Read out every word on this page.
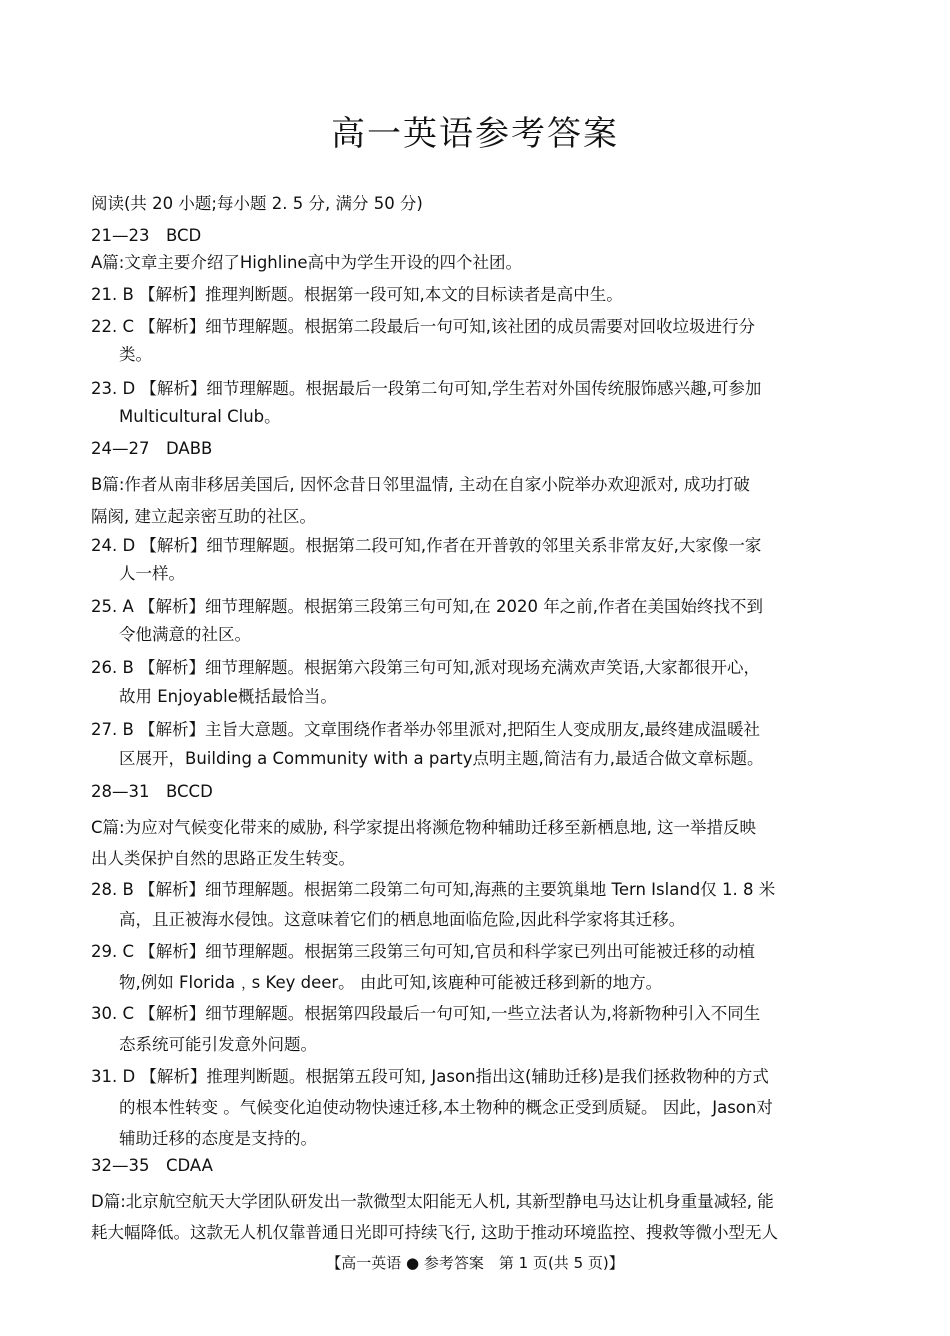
高一英语参考答案
阅读(共 20 小题;每小题 2. 5 分, 满分 50 分)
21—23　BCD
A篇:文章主要介绍了Highline高中为学生开设的四个社团。
21. B 【解析】推理判断题。根据第一段可知,本文的目标读者是高中生。
22. C 【解析】细节理解题。根据第二段最后一句可知,该社团的成员需要对回收垃圾进行分
类。
23. D 【解析】细节理解题。根据最后一段第二句可知,学生若对外国传统服饰感兴趣,可参加
Multicultural Club。
24—27　DABB
B篇:作者从南非移居美国后, 因怀念昔日邻里温情, 主动在自家小院举办欢迎派对, 成功打破
隔阂, 建立起亲密互助的社区。
24. D 【解析】细节理解题。根据第二段可知,作者在开普敦的邻里关系非常友好,大家像一家
人一样。
25. A 【解析】细节理解题。根据第三段第三句可知,在 2020 年之前,作者在美国始终找不到
令他满意的社区。
26. B 【解析】细节理解题。根据第六段第三句可知,派对现场充满欢声笑语,大家都很开心，
故用 Enjoyable概括最恰当。
27. B 【解析】主旨大意题。文章围绕作者举办邻里派对,把陌生人变成朋友,最终建成温暖社
区展开，Building a Community with a party点明主题,简洁有力,最适合做文章标题。
28—31　BCCD
C篇:为应对气候变化带来的威胁, 科学家提出将濒危物种辅助迁移至新栖息地, 这一举措反映
出人类保护自然的思路正发生转变。
28. B 【解析】细节理解题。根据第二段第二句可知,海燕的主要筑巢地 Tern Island仅 1. 8 米
高，且正被海水侵蚀。这意味着它们的栖息地面临危险,因此科学家将其迁移。
29. C 【解析】细节理解题。根据第三段第三句可知,官员和科学家已列出可能被迁移的动植
物,例如 Florida﹐s Key deer。 由此可知,该鹿种可能被迁移到新的地方。
30. C 【解析】细节理解题。根据第四段最后一句可知,一些立法者认为,将新物种引入不同生
态系统可能引发意外问题。
31. D 【解析】推理判断题。根据第五段可知, Jason指出这(辅助迁移)是我们拯救物种的方式
的根本性转变 。气候变化迫使动物快速迁移,本土物种的概念正受到质疑。 因此，Jason对
辅助迁移的态度是支持的。
32—35　CDAA
D篇:北京航空航天大学团队研发出一款微型太阳能无人机, 其新型静电马达让机身重量减轻, 能
耗大幅降低。这款无人机仅靠普通日光即可持续飞行, 这助于推动环境监控、搜救等微小型无人
【高一英语 ● 参考答案　第 1 页(共 5 页)】
